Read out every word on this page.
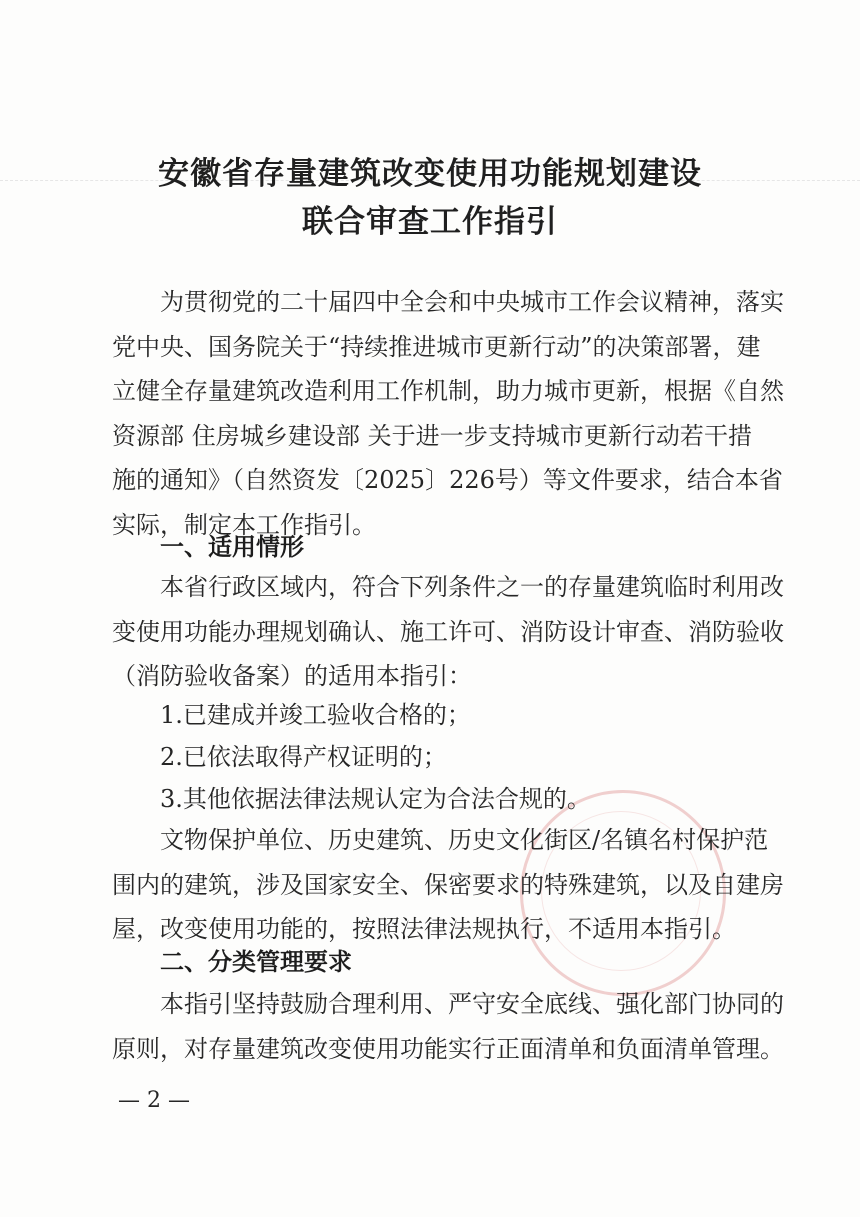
安徽省存量建筑改变使用功能规划建设
联合审查工作指引
为贯彻党的二十届四中全会和中央城市工作会议精神，落实
党中央、国务院关于“持续推进城市更新行动”的决策部署，建
立健全存量建筑改造利用工作机制，助力城市更新，根据《自然
资源部 住房城乡建设部 关于进一步支持城市更新行动若干措
施的通知》（自然资发〔2025〕226号）等文件要求，结合本省
实际，制定本工作指引。
一、适用情形
本省行政区域内，符合下列条件之一的存量建筑临时利用改
变使用功能办理规划确认、施工许可、消防设计审查、消防验收
（消防验收备案）的适用本指引：
1.已建成并竣工验收合格的；
2.已依法取得产权证明的；
3.其他依据法律法规认定为合法合规的。
文物保护单位、历史建筑、历史文化街区/名镇名村保护范
围内的建筑，涉及国家安全、保密要求的特殊建筑，以及自建房
屋，改变使用功能的，按照法律法规执行，不适用本指引。
二、分类管理要求
本指引坚持鼓励合理利用、严守安全底线、强化部门协同的
原则，对存量建筑改变使用功能实行正面清单和负面清单管理。
— 2 —
